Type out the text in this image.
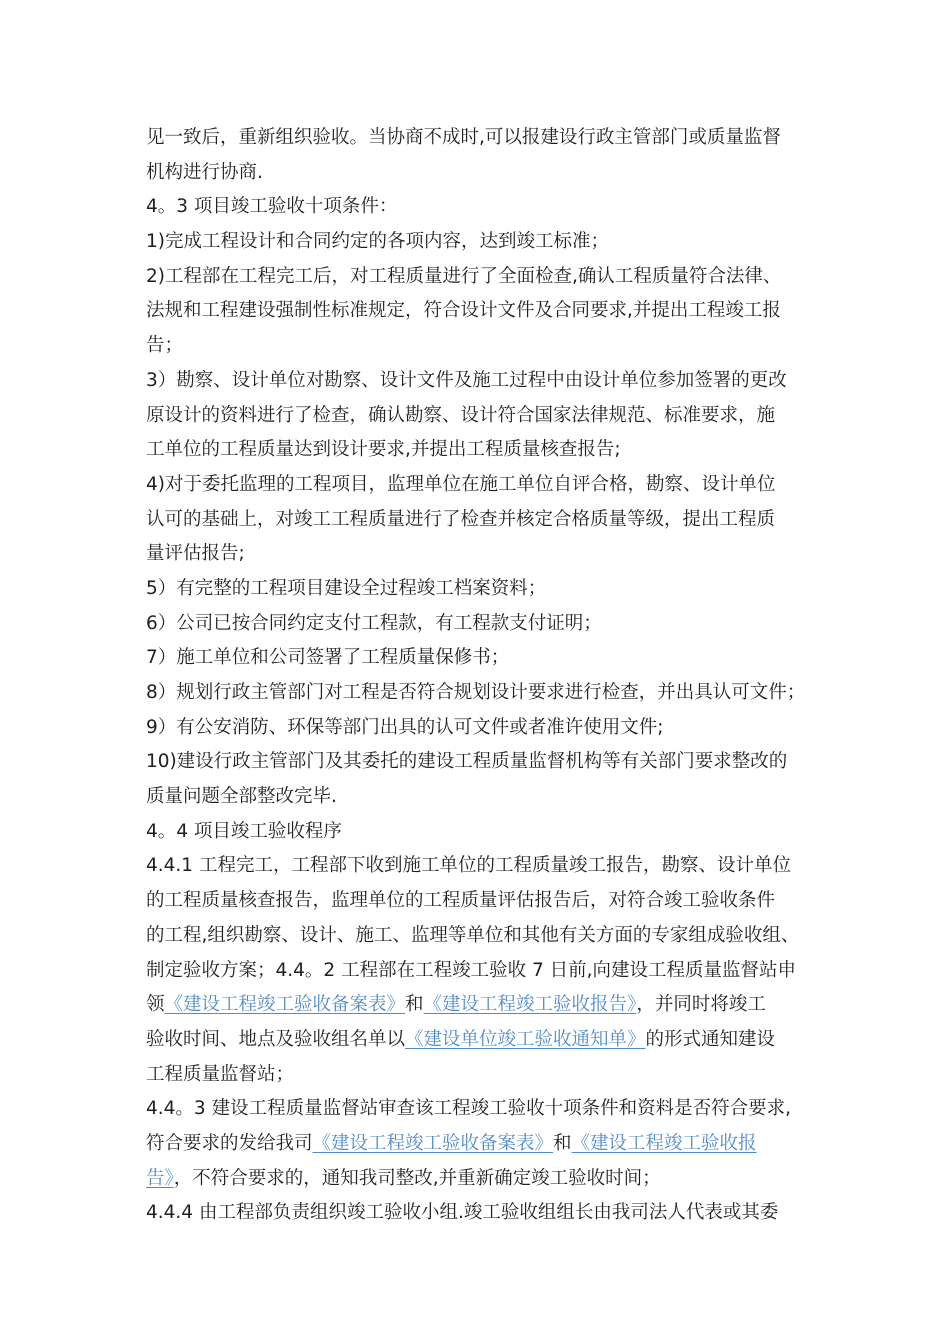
见一致后，重新组织验收。当协商不成时,可以报建设行政主管部门或质量监督
机构进行协商.
4。3 项目竣工验收十项条件：
1)完成工程设计和合同约定的各项内容，达到竣工标准；
2)工程部在工程完工后，对工程质量进行了全面检查,确认工程质量符合法律、
法规和工程建设强制性标准规定，符合设计文件及合同要求,并提出工程竣工报
告；
3）勘察、设计单位对勘察、设计文件及施工过程中由设计单位参加签署的更改
原设计的资料进行了检查，确认勘察、设计符合国家法律规范、标准要求，施
工单位的工程质量达到设计要求,并提出工程质量核查报告;
4)对于委托监理的工程项目，监理单位在施工单位自评合格，勘察、设计单位
认可的基础上，对竣工工程质量进行了检查并核定合格质量等级，提出工程质
量评估报告;
5）有完整的工程项目建设全过程竣工档案资料；
6）公司已按合同约定支付工程款，有工程款支付证明；
7）施工单位和公司签署了工程质量保修书；
8）规划行政主管部门对工程是否符合规划设计要求进行检查，并出具认可文件；
9）有公安消防、环保等部门出具的认可文件或者准许使用文件;
10)建设行政主管部门及其委托的建设工程质量监督机构等有关部门要求整改的
质量问题全部整改完毕.
4。4 项目竣工验收程序
4.4.1 工程完工，工程部下收到施工单位的工程质量竣工报告，勘察、设计单位
的工程质量核查报告，监理单位的工程质量评估报告后，对符合竣工验收条件
的工程,组织勘察、设计、施工、监理等单位和其他有关方面的专家组成验收组、
制定验收方案；4.4。2 工程部在工程竣工验收 7 日前,向建设工程质量监督站申
领《建设工程竣工验收备案表》和《建设工程竣工验收报告》，并同时将竣工
验收时间、地点及验收组名单以《建设单位竣工验收通知单》的形式通知建设
工程质量监督站；
4.4。3 建设工程质量监督站审查该工程竣工验收十项条件和资料是否符合要求,
符合要求的发给我司《建设工程竣工验收备案表》和《建设工程竣工验收报
告》，不符合要求的，通知我司整改,并重新确定竣工验收时间；
4.4.4 由工程部负责组织竣工验收小组.竣工验收组组长由我司法人代表或其委
